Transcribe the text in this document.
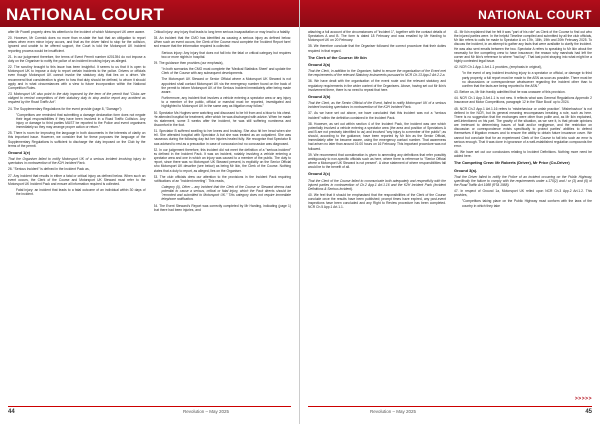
NATIONAL COURT

after Mr Powell properly drew his attention to the incident of which Motorsport UK were aware.

20. However, Mr Cormick does no more than re-state the fact that an obligation to report arises when even minor injury occurs, and that as the driver failed to stop for the collision, Ignored and unable to be offered support, the Court is told the Motorsport UK incident reporting process would be insufficient.

21. In our judgement therefore, the terms of Event Permit number #201394 do not impose a duty on the Organiser to notify the police of an incident involving injury as alleged.

22. The scrutiny brought to this issue has been insightful. It seems to us that it is open to Motorsport UK to impose a duty to report certain incidents to the police. Drivers or officials even though Motorsport UK cannot invoke the statutory duty that lies on a driver. We recommend that consideration is given to how that duty should be defined, to whom it should apply and in what circumstances with a view to future incorporation within the National Competition Rules.

23. Motorsport UK also point to the duty imposed by the term of the permit that "Clubs are obliged to remind competitors of their statutory duty to stop and/or report any accident as required by the Road Traffic Act".

24. The Supplementary Regulations for the event provide (page 8, "Damage"):

"Competitors are reminded that submitting a damage declaration form does not negate their legal responsibilities if they have been involved in a Road Traffic Collision. Any injury or damage to third parties MUST be reported to the Police and event organisers immediately so they may arrange proper action or return."

25. There is room for improving the language in both documents in the interests of clarity on this important issue. However, we consider that for these purposes the language of the Supplementary Regulations is sufficient to discharge the duty imposed on the Club by the terms of the permit.

Ground 1(e)

That the Organiser failed to notify Motorsport UK of a serious incident involving injury to spectators in contravention of the K2H Incident Pack.

26. "Serious Incident" is defined in the Incident Pack as,

27. Any incident that results in either a fatal or critical injury as defined below. When such an event occurs, the Clerk of the Course and Motorsport UK Steward must refer to the Motorsport UK Incident Pack and ensure all information required is collected.

Fatal injury: an incident that leads to a fatal outcome of an individual within 30 days of the incident.

Critical injury: any injury that leads to long term serious incapacitation or may lead to a fatality.

28. An incident that the CMO has identified as causing a serious injury as defined below. When such an event occurs, the Clerk of the Course must complete the 'Incident Report form' and ensure that the information required is collected.

Serious injury: Any injury that does not fall into the fatal or critical category but requires two or more nights in hospital.

29. The guidance then provides (our emphasis),

"In both scenarios the CMO must complete the 'Medical Statistics Sheet' and update the Clerk of the Course with any subsequent developments.

The Motorsport UK Steward or Senior Official where a Motorsport UK Steward is not appointed shall contact Motorsport UK via the emergency number found on the back of the permit to inform Motorsport UK of the Serious Incident immediately after being made aware.

Furthermore, any incident that involves a vehicle entering a spectator area or any injury to a member of the public, official or marshal must be reported, investigated and highlighted to Motorsport UK in the same way as litigation may follow."

30. Spectator Ms Hughes were watching and discussed to be hit from and a blow to his chest. He attended hospital for treatment, after which he was discharged with advice. When he made his statement, some 3 weeks after the incident, he was still suffering numbness and discomfort in the foot.

31. Spectator B suffered swelling to her knees and bruising. She also hit her head when she fell. She attended hospital with Spectator A but she was treated as an outpatient. She was nauseous during the following day but her injuries healed fully. We recognise that Spectator B was advised to rest as a precaution in case of concussion but no concussion was diagnosed.

32. In our judgement therefore, this incident did not meet the definition of a "serious incident" as defined in the Incident Pack. It was an incident, notably involving a vehicle entering a spectator area and one in which an injury was caused to a member of the public. The duty to report, since there was no Motorsport UK Steward present, is explicitly on the Senior Official who Motorsport UK describe (see below) as being Mr Ikin, the Clerk of the Course. Nothing states that a duty to report, as alleged, lies on the Organiser.

33. The club officials drew our attention to the provisions in the Incident Pack requiring notifications of an "incident meeting". This reads,

Category (ii), Other – any incident that the Clerk of the Course or Steward deems had potential to cause a serious, critical or fatal injury, which the Pack directs should be "recorded and submitted to Motorsport UK." This category does not require immediate telephone notification.

34. The Event Steward's Report was correctly completed by Mr Harding, indicating (page 1) that there had been injuries, and

44	Revolution – May 2025
NATIONAL COURT

attaching a full account of the circumstances of "incident 1", together with the contact details of Spectators A and B. The form is dated 18 February and was emailed by Mr Harding to Motorsport UK on 20 February.

35. We therefore conclude that the Organiser followed the correct procedure that their duties required in that regard.

The Clerk of the Course: Mr Ikin
Ground 2(a)

That the Clerk, in addition to the Organiser, failed to ensure the organisation of the Event met the requirements of the relevant Statutory instruments pursuant to NCR Ch.13 App.2 Art.2.2.a.

36. We have dealt with the organisation of the event route and the relevant statutory and regulatory requirements in the wider context of the Organisers. Above, having set out Mr Ikin's involvement there, there is no need to repeat that here.

Ground 2(b)

That the Clerk, as the Senior Official of the Event, failed to notify Motorsport UK of a serious incident involving spectators in contravention of the K2H Incident Pack.

37. As we have set out above, we have concluded that this incident was not a "serious incident" within the definition contained in the Incident Pack.

38. However, as set out within section 4 of the Incident Pack, the incident was one which potentially involved a vehicle entering a spectator area (the area and position of Spectators A and B are not precisely identified to us) and involved "any injury to a member of the public"; as should, according to the guidance, have been reported by Mr Ikin as the Senior Official, immediately after he became aware, using the emergency contact number. That awareness had arisen no later than around 01:00 hours on 16 February. This important procedure was not followed.

39. We recommend that consideration is given to amending any definitions that refer possibly ambiguously to non-specific officials such as here, where there is reference to "Senior Official where a Motorsport UK Steward is not present". A clear statement of where responsibilities fall would be to the benefit of all.

Ground 2(c)

That the Clerk of the Course failed to communicate both adequately and respectfully with the injured parties in contravention of Ch.2 App.1 Art.1.16 and the K2H Incident Pack (Incident Definitions & Serious Incident).

40. We feel that it should be emphasised that the responsibilities of the Clerk of the Course conclude once the results have been published; prompt times have expired, any post-event inspections have been concluded and any Right to Review procedure has been completed. NCR Ch.5 App.1 Art.1.1.

41. Mr Ikin explained that he felt it was "part of his role" as Clerk of the Course to find out who the injured parties were. In the helpful Timeline compiled and submitted by all the club officials, Mr Ikin refers to calls he made to Spectator A on 17th, 18th, 19th and 20th February 2025. To discuss the incident, in an attempt to gather any facts that were available to clarify the incident. He was also sent emails between the two. Spectator A refers to speaking to Mr Ikin about the necessity for the competing crew to have insurance; the reason why marshals had left the corner and Mr Ikin's reference to where "had lay". That last point straying into what might be a highly contested legal issue.

42. NCR Ch.1 App.1 Art.1.1 provides, (emphasis in original),

"In the event of any incident involving injury to a spectator or official, or damage to third party property, a full report must be made to the ASN as soon as possible. There must be no discussions or correspondence whatsoever regarding the incident other than to confirm that the facts are being reported to the ASN."

43. Before us, Mr Ikin frankly admitted that he was unaware of this provision.

44. NCR Ch.1 App.3 Art.1.1 is not new. It reflects what was General Regulations Appendix 2 Insurance and Motor Competitions, paragraph 12 in the 'Blue Book' up to 2024.

45. NCR Ch.2 App.1 Art.1.16 refers to 'misbehaviour or unfair practice'. 'Misbehaviour' is not defined in the NCR, but its general meaning encompasses breaking a rule, such as here. There is no suggestion that the exchanges were other than polite and, as Mr Ikin explained, well-intentioned on his part. The gravity of the situation, as we see it, is that private opinions are irrelevant to determining issues of fault and/or negligence, and the restriction on discussion or correspondence exists specifically to protect parties' abilities to defend themselves if litigation ensues and to ensure the ability to obtain future insurance cover. We cannot but conclude that for an experienced Clerk of the Course to fall into such an error is serious enough. That it was done in ignorance of a well-established regulation compounds the error.

46. We have set out our conclusions relating to Incident Definitions. Nothing more need be added here.

The Competing Crew: Mr Roberts (Driver), Mr Price (Co-Driver)
Ground 3(a).

That the Driver failed to notify the Police of an incident occurring on the Public Highway, specifically the failure to comply with the requirements under s.170(2) and / or (3) and (6) of the Road Traffic Act 1988 (RTA 1988).

47. In respect of Ground 1a, Motorsport UK relied upon NCR Ch.3 App.2 Art.1.2. This provides,

"Competitors taking place on the Public Highway must conform with the laws of the country in which they take

>>>>>
Revolution – May 2025	45
